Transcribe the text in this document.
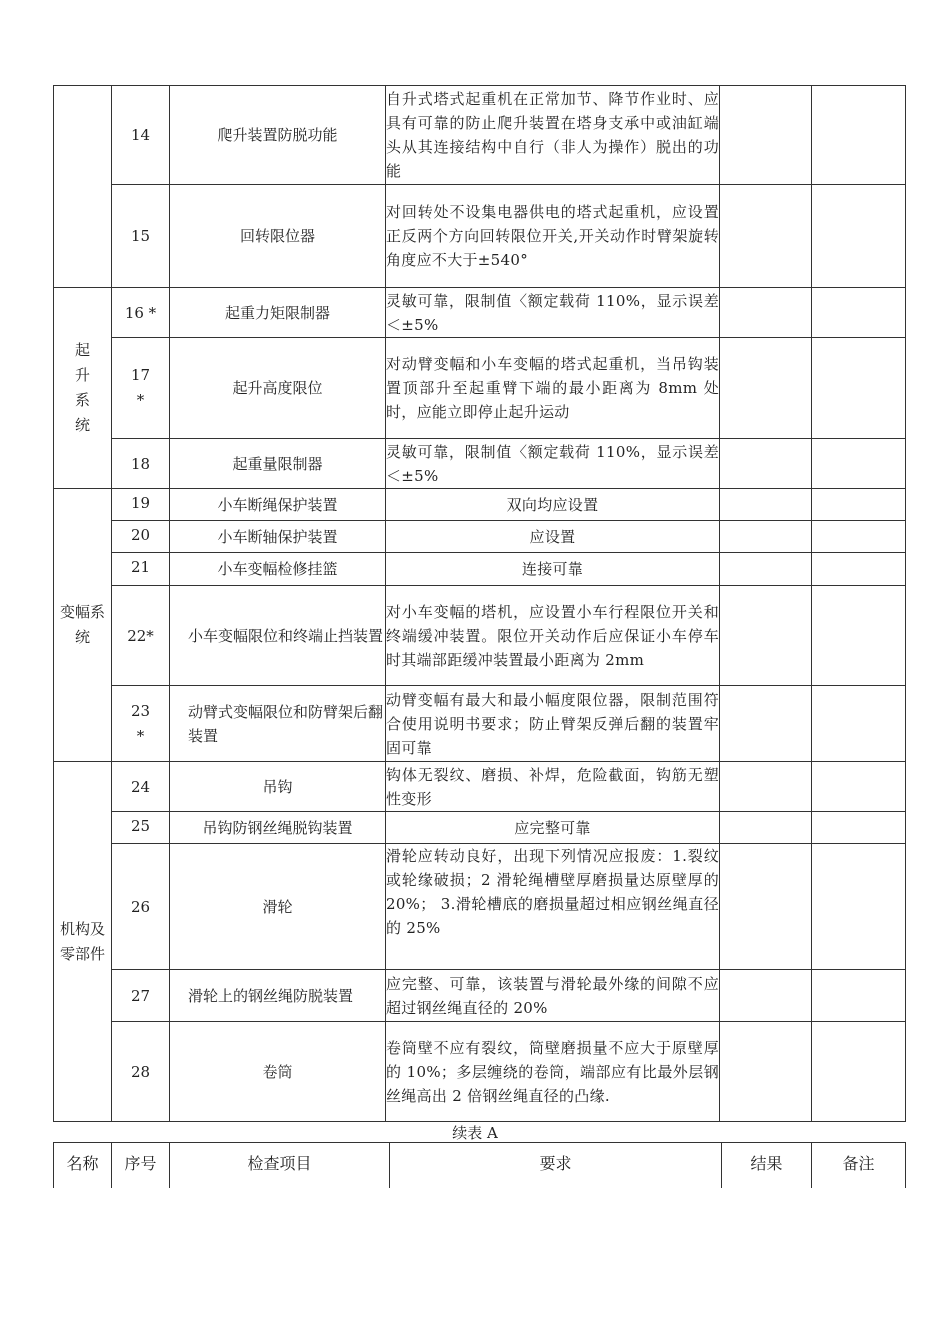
	14	爬升装置防脱功能	自升式塔式起重机在正常加节、降节作业时、应具有可靠的防止爬升装置在塔身支承中或油缸端头从其连接结构中自行（非人为操作）脱出的功能		
	15	回转限位器	对回转处不设集电器供电的塔式起重机，应设置正反两个方向回转限位开关,开关动作时臂架旋转角度应不大于±540°		
起升系统	16 *	起重力矩限制器	灵敏可靠，限制值〈额定载荷 110%，显示误差＜±5%		
	17 *	起升高度限位	对动臂变幅和小车变幅的塔式起重机，当吊钩装置顶部升至起重臂下端的最小距离为 8mm 处时，应能立即停止起升运动		
	18	起重量限制器	灵敏可靠，限制值〈额定载荷 110%，显示误差＜±5%		
变幅系统	19	小车断绳保护装置	双向均应设置		
	20	小车断轴保护装置	应设置		
	21	小车变幅检修挂篮	连接可靠		
	22*	小车变幅限位和终端止挡装置	对小车变幅的塔机，应设置小车行程限位开关和终端缓冲装置。限位开关动作后应保证小车停车时其端部距缓冲装置最小距离为 2mm		
	23 *	动臂式变幅限位和防臂架后翻装置	动臂变幅有最大和最小幅度限位器，限制范围符合使用说明书要求；防止臂架反弹后翻的装置牢固可靠		
机构及零部件	24	吊钩	钩体无裂纹、磨损、补焊，危险截面，钩筋无塑性变形		
	25	吊钩防钢丝绳脱钩装置	应完整可靠		
	26	滑轮	滑轮应转动良好，出现下列情况应报废：1.裂纹或轮缘破损；2 滑轮绳槽壁厚磨损量达原壁厚的 20%； 3.滑轮槽底的磨损量超过相应钢丝绳直径的 25%		
	27	滑轮上的钢丝绳防脱装置	应完整、可靠，该装置与滑轮最外缘的间隙不应超过钢丝绳直径的 20%		
	28	卷筒	卷筒壁不应有裂纹，筒壁磨损量不应大于原壁厚的 10%；多层缠绕的卷筒，端部应有比最外层钢丝绳高出 2 倍钢丝绳直径的凸缘.		
续表 A
名称	序号	检查项目	要求	结果	备注
